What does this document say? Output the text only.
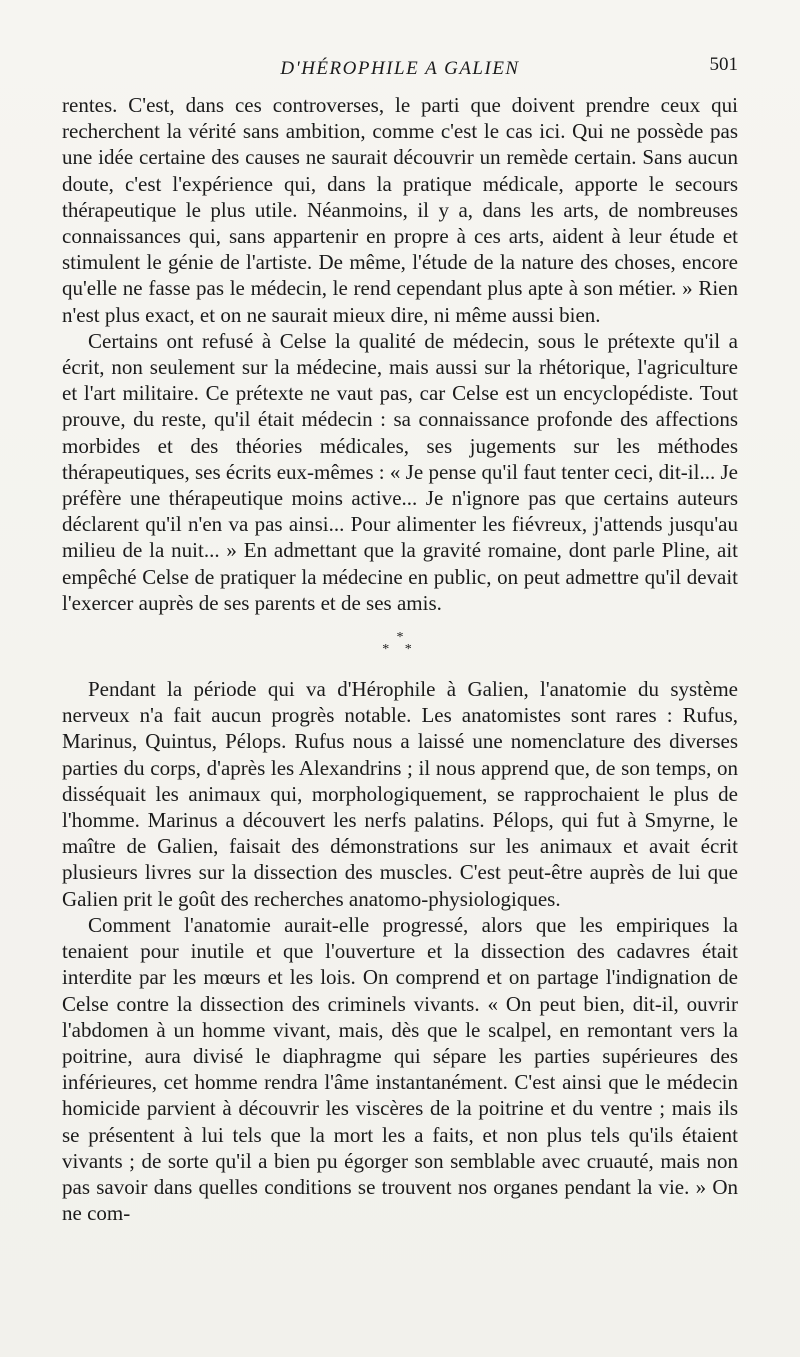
D'HÉROPHILE A GALIEN	501

rentes. C'est, dans ces controverses, le parti que doivent prendre ceux qui recherchent la vérité sans ambition, comme c'est le cas ici. Qui ne possède pas une idée certaine des causes ne saurait découvrir un remède certain. Sans aucun doute, c'est l'expérience qui, dans la pratique médicale, apporte le secours thérapeutique le plus utile. Néanmoins, il y a, dans les arts, de nombreuses connaissances qui, sans appartenir en propre à ces arts, aident à leur étude et stimulent le génie de l'artiste. De même, l'étude de la nature des choses, encore qu'elle ne fasse pas le médecin, le rend cependant plus apte à son métier. » Rien n'est plus exact, et on ne saurait mieux dire, ni même aussi bien.

Certains ont refusé à Celse la qualité de médecin, sous le prétexte qu'il a écrit, non seulement sur la médecine, mais aussi sur la rhétorique, l'agriculture et l'art militaire. Ce prétexte ne vaut pas, car Celse est un encyclopédiste. Tout prouve, du reste, qu'il était médecin : sa connaissance profonde des affections morbides et des théories médicales, ses jugements sur les méthodes thérapeutiques, ses écrits eux-mêmes : « Je pense qu'il faut tenter ceci, dit-il... Je préfère une thérapeutique moins active... Je n'ignore pas que certains auteurs déclarent qu'il n'en va pas ainsi... Pour alimenter les fiévreux, j'attends jusqu'au milieu de la nuit... » En admettant que la gravité romaine, dont parle Pline, ait empêché Celse de pratiquer la médecine en public, on peut admettre qu'il devait l'exercer auprès de ses parents et de ses amis.

*
* *

Pendant la période qui va d'Hérophile à Galien, l'anatomie du système nerveux n'a fait aucun progrès notable. Les anatomistes sont rares : Rufus, Marinus, Quintus, Pélops. Rufus nous a laissé une nomenclature des diverses parties du corps, d'après les Alexandrins ; il nous apprend que, de son temps, on disséquait les animaux qui, morphologiquement, se rapprochaient le plus de l'homme. Marinus a découvert les nerfs palatins. Pélops, qui fut à Smyrne, le maître de Galien, faisait des démonstrations sur les animaux et avait écrit plusieurs livres sur la dissection des muscles. C'est peut-être auprès de lui que Galien prit le goût des recherches anatomo-physiologiques.

Comment l'anatomie aurait-elle progressé, alors que les empiriques la tenaient pour inutile et que l'ouverture et la dissection des cadavres était interdite par les mœurs et les lois. On comprend et on partage l'indignation de Celse contre la dissection des criminels vivants. « On peut bien, dit-il, ouvrir l'abdomen à un homme vivant, mais, dès que le scalpel, en remontant vers la poitrine, aura divisé le diaphragme qui sépare les parties supérieures des inférieures, cet homme rendra l'âme instantanément. C'est ainsi que le médecin homicide parvient à découvrir les viscères de la poitrine et du ventre ; mais ils se présentent à lui tels que la mort les a faits, et non plus tels qu'ils étaient vivants ; de sorte qu'il a bien pu égorger son semblable avec cruauté, mais non pas savoir dans quelles conditions se trouvent nos organes pendant la vie. » On ne com-
